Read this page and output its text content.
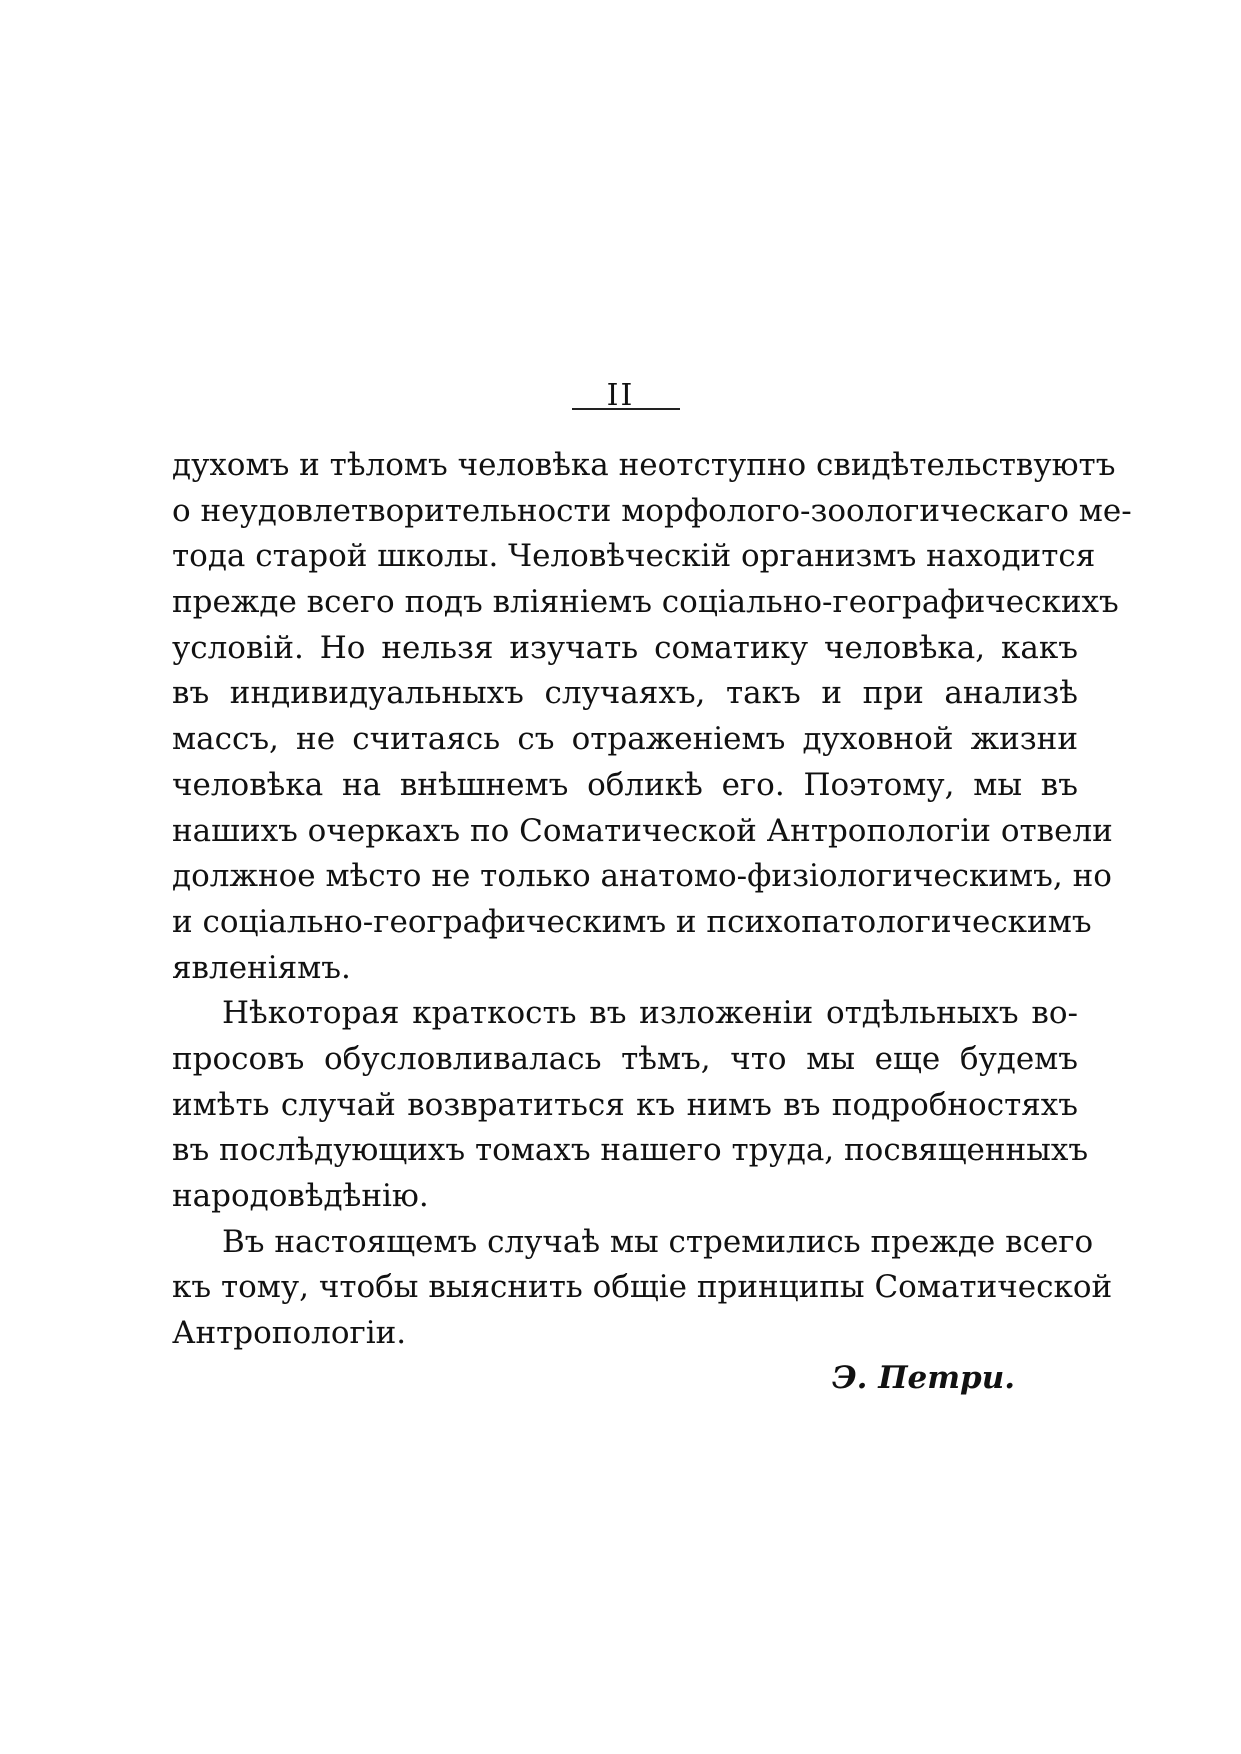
II
духомъ и тѣломъ человѣка неотступно свидѣтельствуютъ
о неудовлетворительности морфолого-зоологическаго ме-
тода старой школы. Человѣческій организмъ находится
прежде всего подъ вліяніемъ соціально-географическихъ
условій. Но нельзя изучать соматику человѣка, какъ
въ индивидуальныхъ случаяхъ, такъ и при анализѣ
массъ, не считаясь съ отраженіемъ духовной жизни
человѣка на внѣшнемъ обликѣ его. Поэтому, мы въ
нашихъ очеркахъ по Соматической Антропологіи отвели
должное мѣсто не только анатомо-физіологическимъ, но
и соціально-географическимъ и психопатологическимъ
явленіямъ.
Нѣкоторая краткость въ изложеніи отдѣльныхъ во-
просовъ обусловливалась тѣмъ, что мы еще будемъ
имѣть случай возвратиться къ нимъ въ подробностяхъ
въ послѣдующихъ томахъ нашего труда, посвященныхъ
народовѣдѣнію.
Въ настоящемъ случаѣ мы стремились прежде всего
къ тому, чтобы выяснить общіе принципы Соматической
Антропологіи.
Э. Петри.
